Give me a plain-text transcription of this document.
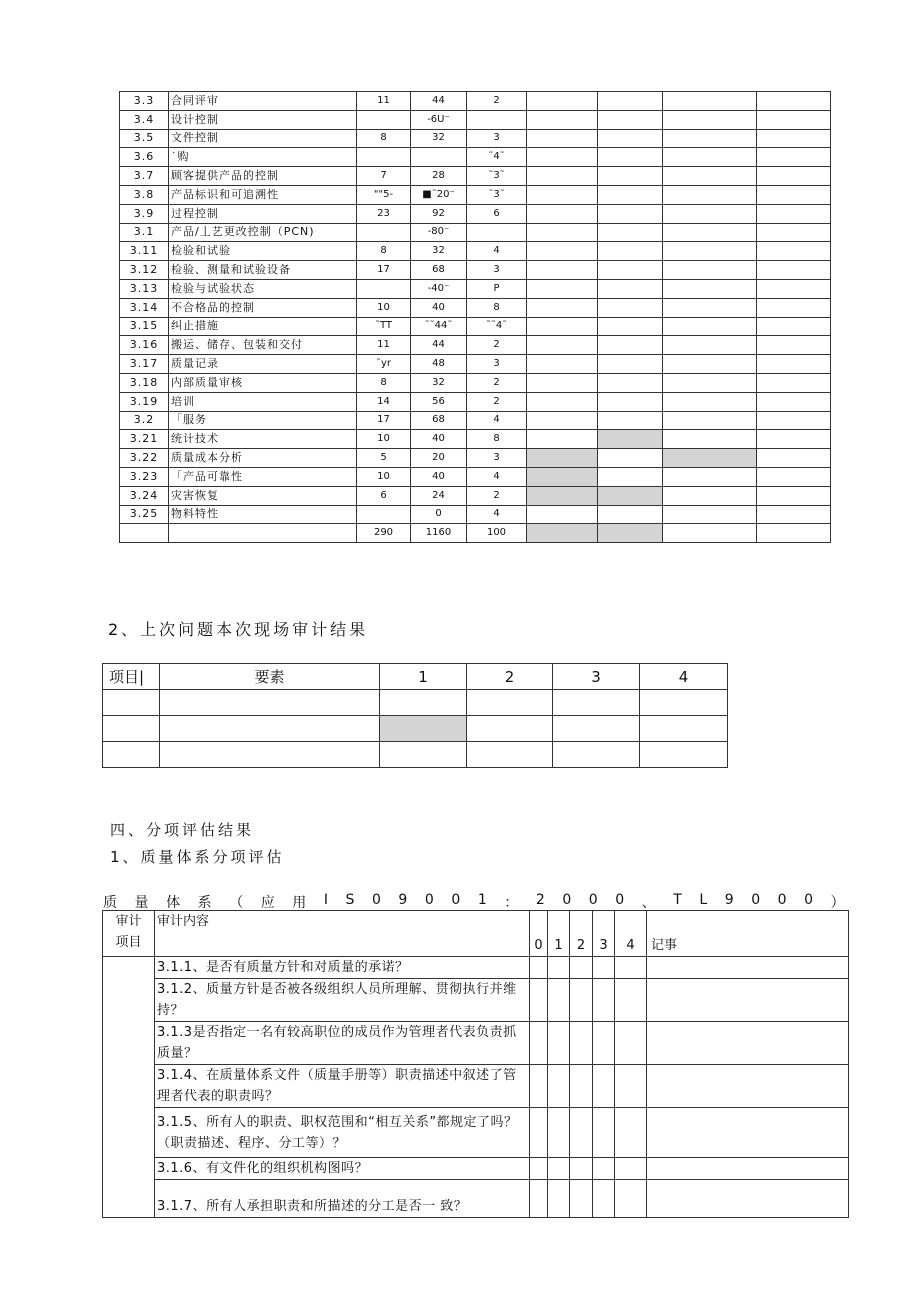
3.3	合同评审	11	44	2				
3.4	设计控制		-6U⁻					
3.5	文件控制	8	32	3				
3.6	˙购			˜4˜				
3.7	顾客提供产品的控制	7	28	˜3˜				
3.8	产品标识和可追溯性	""5-	■˜20⁻	˜3˜				
3.9	过程控制	23	92	6				
3.1	产品/丄艺更改控制（PCN)		-80⁻					
3.11	检验和试验	8	32	4				
3.12	检验、测量和试验设备	17	68	3				
3.13	检验与试验状态		-40⁻	P				
3.14	不合格品的控制	10	40	8				
3.15	纠止措施	˜TT	˜˜44˜	˜˜4˜				
3.16	搬运、储存、包装和交付	11	44	2				
3.17	质量记录	˜yr	48	3				
3.18	内部质量审核	8	32	2				
3.19	培训	14	56	2				
3.2	「服务	17	68	4				
3.21	统计技术	10	40	8				
3.22	质量成本分析	5	20	3				
3.23	「产品可靠性	10	40	4				
3.24	灾害恢复	6	24	2				
3.25	物料特性		0	4				
		290	1160	100				
2、上次问题本次现场审计结果
项目|	要素	1	2	3	4

四、分项评估结果
1、质量体系分项评估
质 量 体 系 （ 应 用 I S 0 9 0 0 1 ： 2 0 0 0 、 T L 9 0 0 0 ）
审计
项目	审计内容	0	1	2	3	4	记事
	3.1.1、是否有质量方针和对质量的承诺？						
	3.1.2、质量方针是否被各级组织人员所理解、贯彻执行并维持？						
	3.1.3是否指定一名有较高职位的成员作为管理者代表负责抓质量？						
	3.1.4、在质量体系文件（质量手册等）职责描述中叙述了管理者代表的职责吗？						
	3.1.5、所有人的职责、职权范围和“相互关系”都规定了吗？（职责描述、程序、分工等）？						
	3.1.6、有文件化的组织机构图吗？						
	3.1.7、所有人承担职责和所描述的分工是否一 致？						
